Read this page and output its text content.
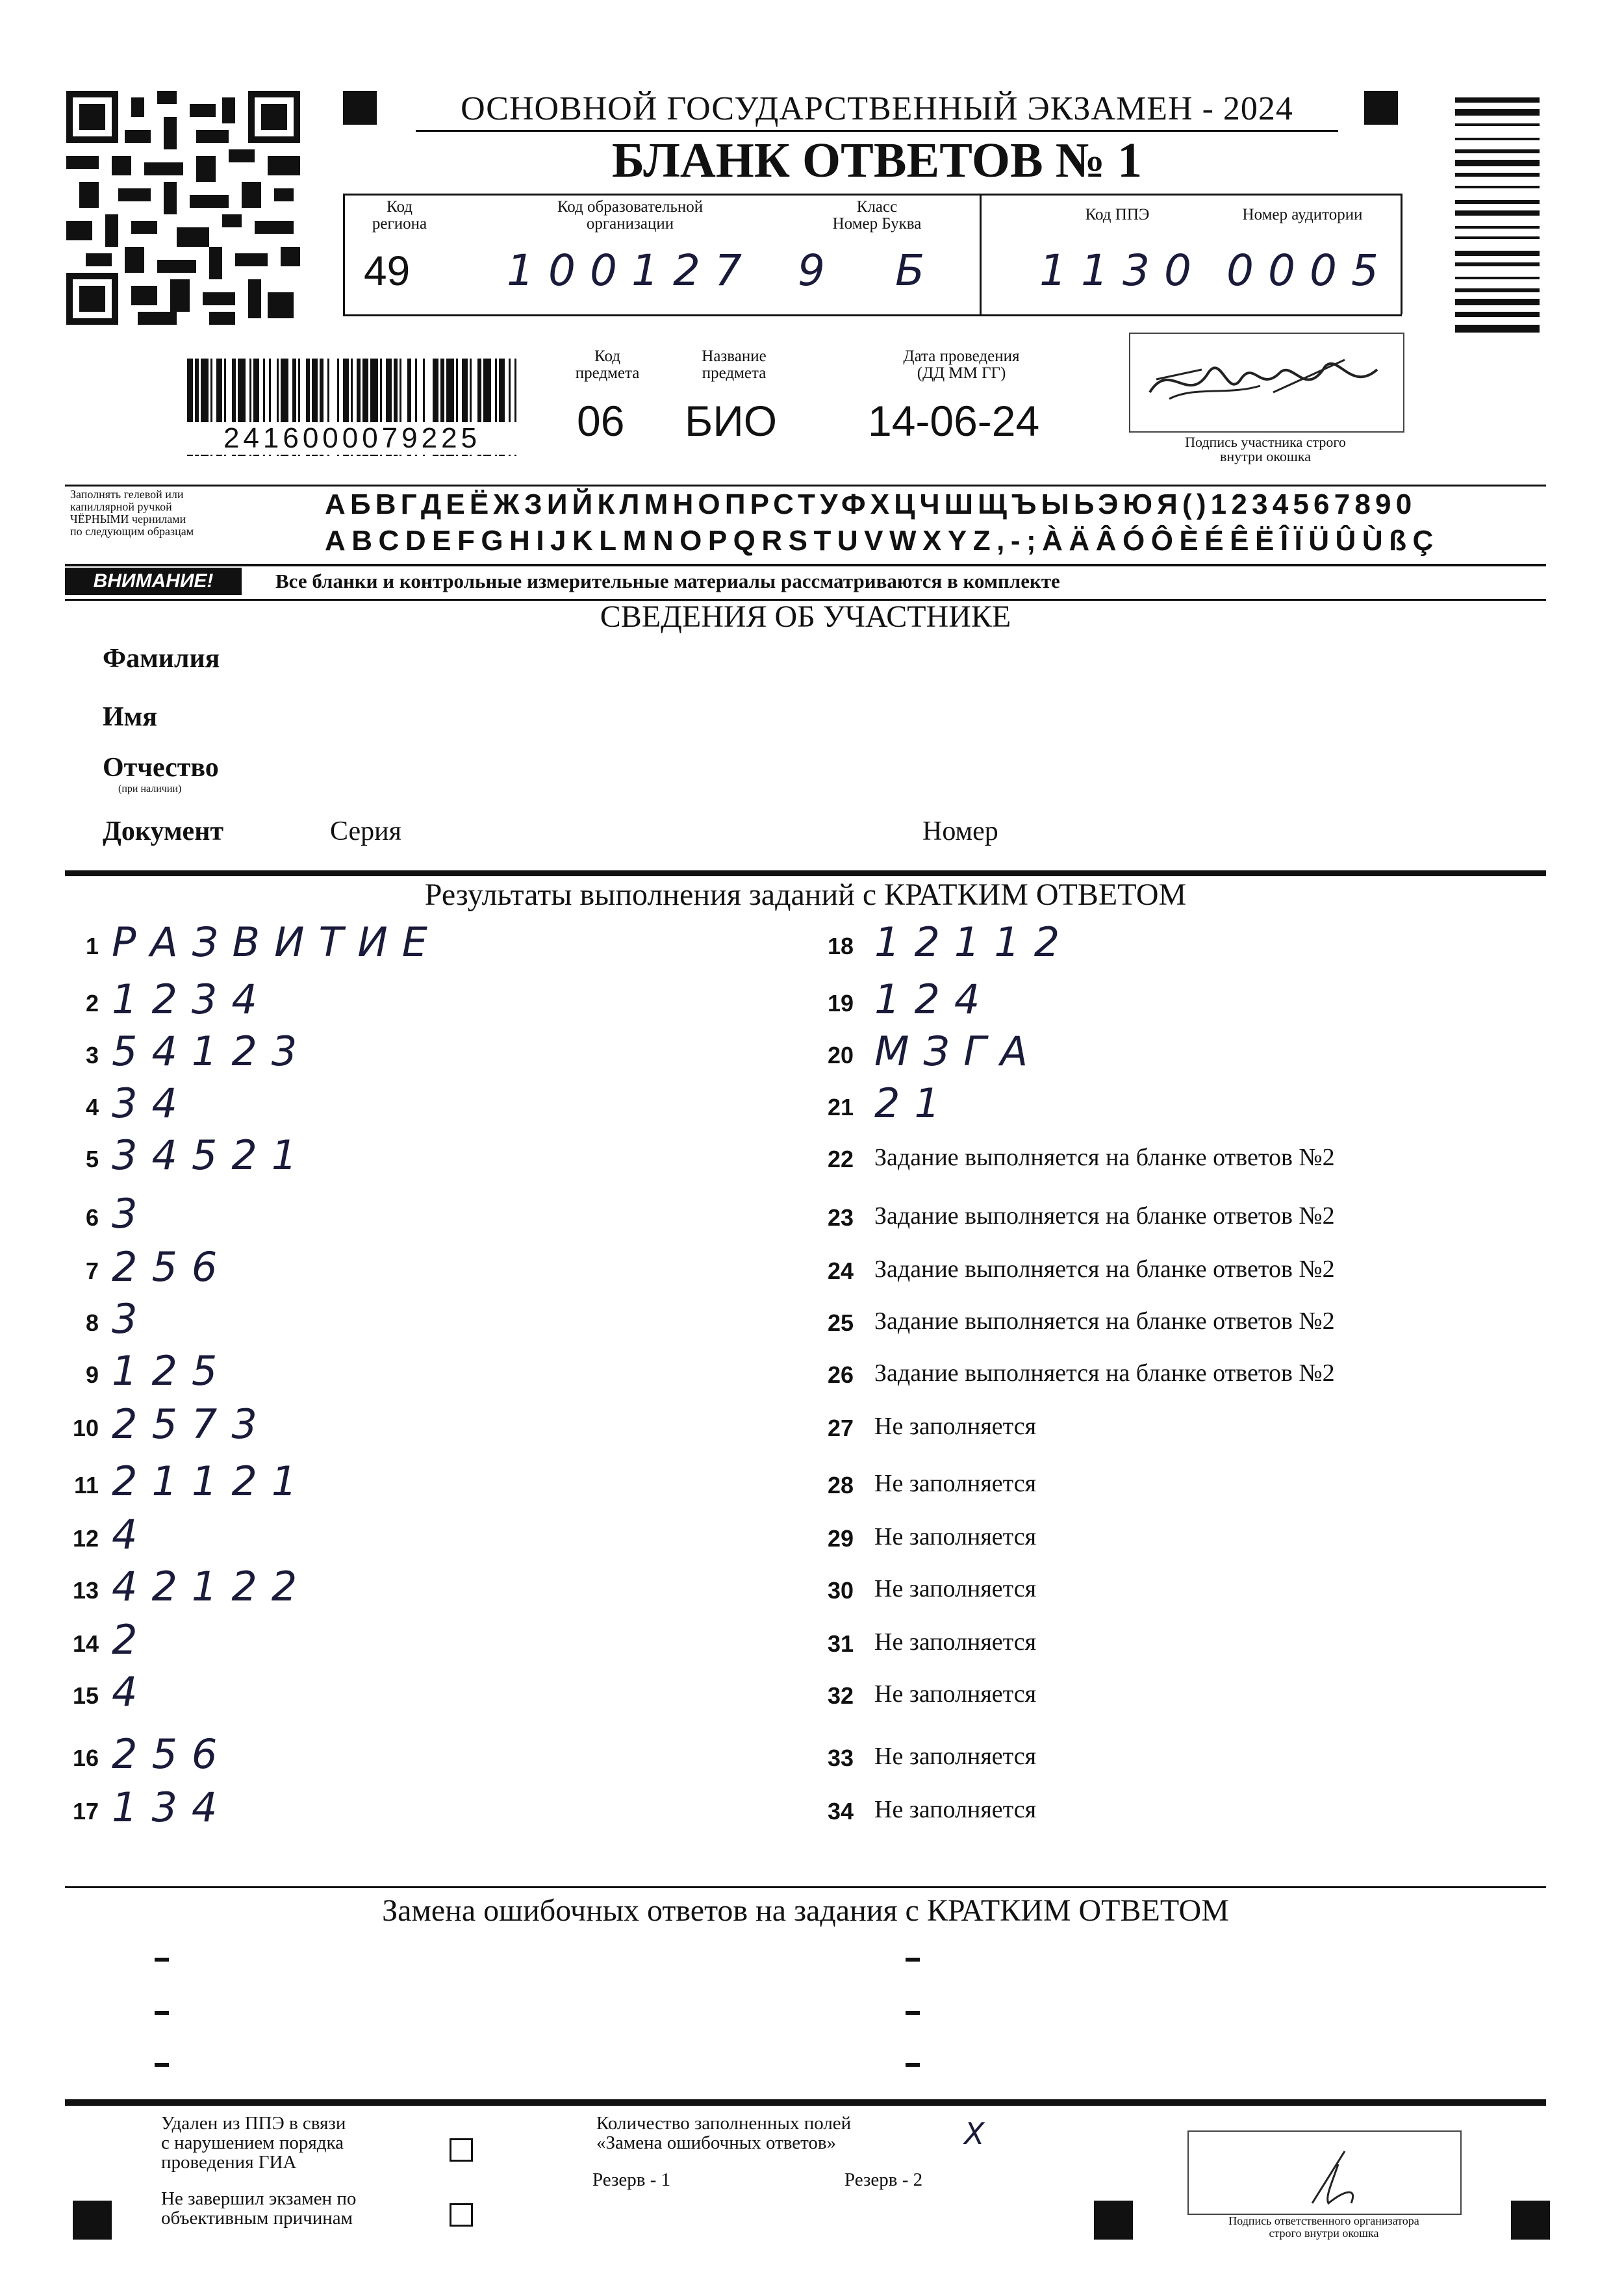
ОСНОВНОЙ ГОСУДАРСТВЕННЫЙ ЭКЗАМЕН - 2024
БЛАНК ОТВЕТОВ № 1
Код
региона
49
Код образовательной
организации
100127
Класс
Номер Буква
9 Б
Код ППЭ
1130
Номер аудитории
0005
2416000079225
Код
предмета
06
Название
предмета
БИО
Дата проведения
(ДД ММ ГГ)
14-06-24	Подпись участника строго
внутри окошка
Заполнять гелевой или
капиллярной ручкой
ЧЁРНЫМИ чернилами
по следующим образцам
АБВГДЕЁЖЗИЙКЛМНОПРСТУФХЦЧШЩЪЫЬЭЮЯ()1234567890
ABCDEFGHIJKLMNOPQRSTUVWXYZ,-;ÀÄÂÓÔÈÉÊËÎÏÜÛÙßÇ
ВНИМАНИЕ!	Все бланки и контрольные измерительные материалы рассматриваются в комплекте
СВЕДЕНИЯ ОБ УЧАСТНИКЕ
Фамилия
Имя
Отчество
(при наличии)
Документ	Серия	Номер
Результаты выполнения заданий с КРАТКИМ ОТВЕТОМ
1 РАЗВИТИЕ
2 1234
3 54123
4 34
5 34521
6 3
7 256
8 3
9 125
10 2573
11 21121
12 4
13 42122
14 2
15 4
16 256
17 134
18 12112
19 124
20 МЗГА
21 21
22 Задание выполняется на бланке ответов №2
23 Задание выполняется на бланке ответов №2
24 Задание выполняется на бланке ответов №2
25 Задание выполняется на бланке ответов №2
26 Задание выполняется на бланке ответов №2
27 Не заполняется
28 Не заполняется
29 Не заполняется
30 Не заполняется
31 Не заполняется
32 Не заполняется
33 Не заполняется
34 Не заполняется
Замена ошибочных ответов на задания с КРАТКИМ ОТВЕТОМ
Удален из ППЭ в связи
с нарушением порядка
проведения ГИА
Не завершил экзамен по
объективным причинам
Количество заполненных полей
«Замена ошибочных ответов»	Х
Резерв - 1	Резерв - 2
Подпись ответственного организатора
строго внутри окошка
